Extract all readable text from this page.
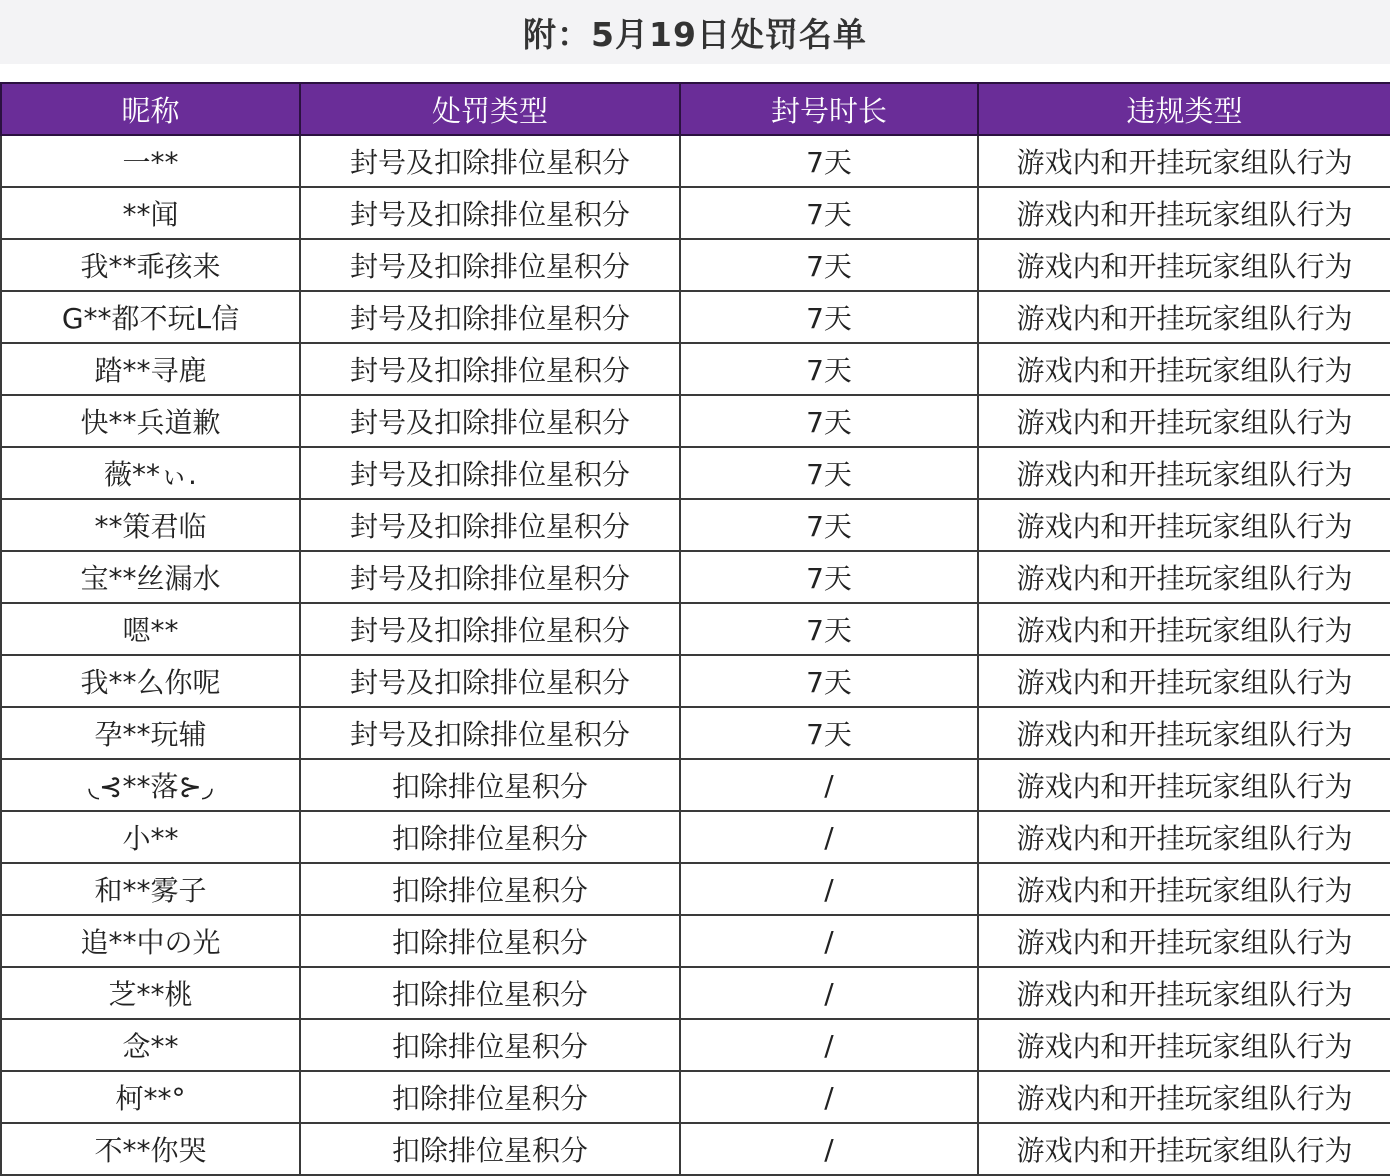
附：5月19日处罚名单
昵称	处罚类型	封号时长	违规类型
一**	封号及扣除排位星积分	7天	游戏内和开挂玩家组队行为
**闻	封号及扣除排位星积分	7天	游戏内和开挂玩家组队行为
我**乖孩来	封号及扣除排位星积分	7天	游戏内和开挂玩家组队行为
G**都不玩L信	封号及扣除排位星积分	7天	游戏内和开挂玩家组队行为
踏**寻鹿	封号及扣除排位星积分	7天	游戏内和开挂玩家组队行为
快**兵道歉	封号及扣除排位星积分	7天	游戏内和开挂玩家组队行为
薇**ぃ.	封号及扣除排位星积分	7天	游戏内和开挂玩家组队行为
**策君临	封号及扣除排位星积分	7天	游戏内和开挂玩家组队行为
宝**丝漏水	封号及扣除排位星积分	7天	游戏内和开挂玩家组队行为
嗯**	封号及扣除排位星积分	7天	游戏内和开挂玩家组队行为
我**么你呢	封号及扣除排位星积分	7天	游戏内和开挂玩家组队行为
孕**玩辅	封号及扣除排位星积分	7天	游戏内和开挂玩家组队行为
◟⊰**落⊱◞	扣除排位星积分	/	游戏内和开挂玩家组队行为
小**	扣除排位星积分	/	游戏内和开挂玩家组队行为
和**雾子	扣除排位星积分	/	游戏内和开挂玩家组队行为
追**中の光	扣除排位星积分	/	游戏内和开挂玩家组队行为
芝**桃	扣除排位星积分	/	游戏内和开挂玩家组队行为
念**	扣除排位星积分	/	游戏内和开挂玩家组队行为
柯**°	扣除排位星积分	/	游戏内和开挂玩家组队行为
不**你哭	扣除排位星积分	/	游戏内和开挂玩家组队行为
